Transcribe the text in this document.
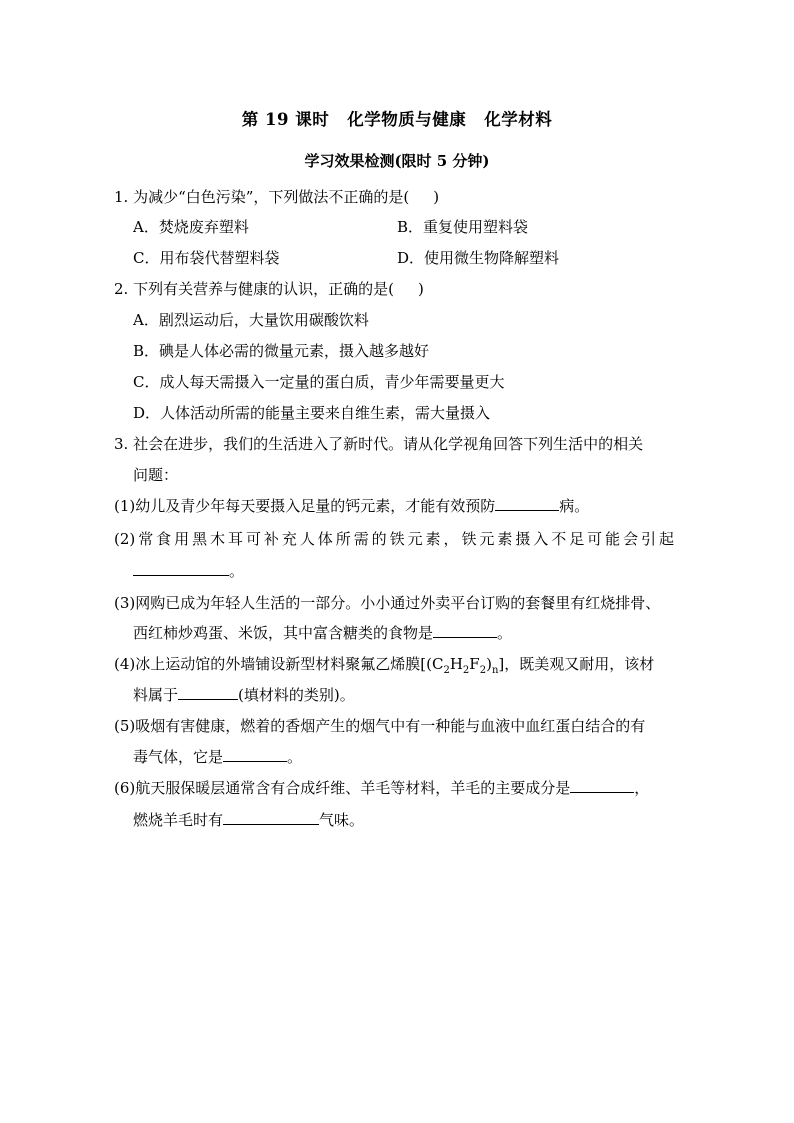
第 19 课时 化学物质与健康 化学材料
学习效果检测(限时 5 分钟)
1. 为减少“白色污染”，下列做法不正确的是( )
A．焚烧废弃塑料	B．重复使用塑料袋
C．用布袋代替塑料袋	D．使用微生物降解塑料
2. 下列有关营养与健康的认识，正确的是( )
A．剧烈运动后，大量饮用碳酸饮料
B．碘是人体必需的微量元素，摄入越多越好
C．成人每天需摄入一定量的蛋白质，青少年需要量更大
D．人体活动所需的能量主要来自维生素，需大量摄入
3. 社会在进步，我们的生活进入了新时代。请从化学视角回答下列生活中的相关
问题：
(1)幼儿及青少年每天要摄入足量的钙元素，才能有效预防	病。
(2)常食用黑木耳可补充人体所需的铁元素，铁元素摄入不足可能会引起
。
(3)网购已成为年轻人生活的一部分。小小通过外卖平台订购的套餐里有红烧排骨、
西红柿炒鸡蛋、米饭，其中富含糖类的食物是	。
(4)冰上运动馆的外墙铺设新型材料聚氟乙烯膜$[(C_2H_2F_2)_n]$，既美观又耐用，该材
料属于	(填材料的类别)。
(5)吸烟有害健康，燃着的香烟产生的烟气中有一种能与血液中血红蛋白结合的有
毒气体，它是	。
(6)航天服保暖层通常含有合成纤维、羊毛等材料，羊毛的主要成分是	，
燃烧羊毛时有	气味。
